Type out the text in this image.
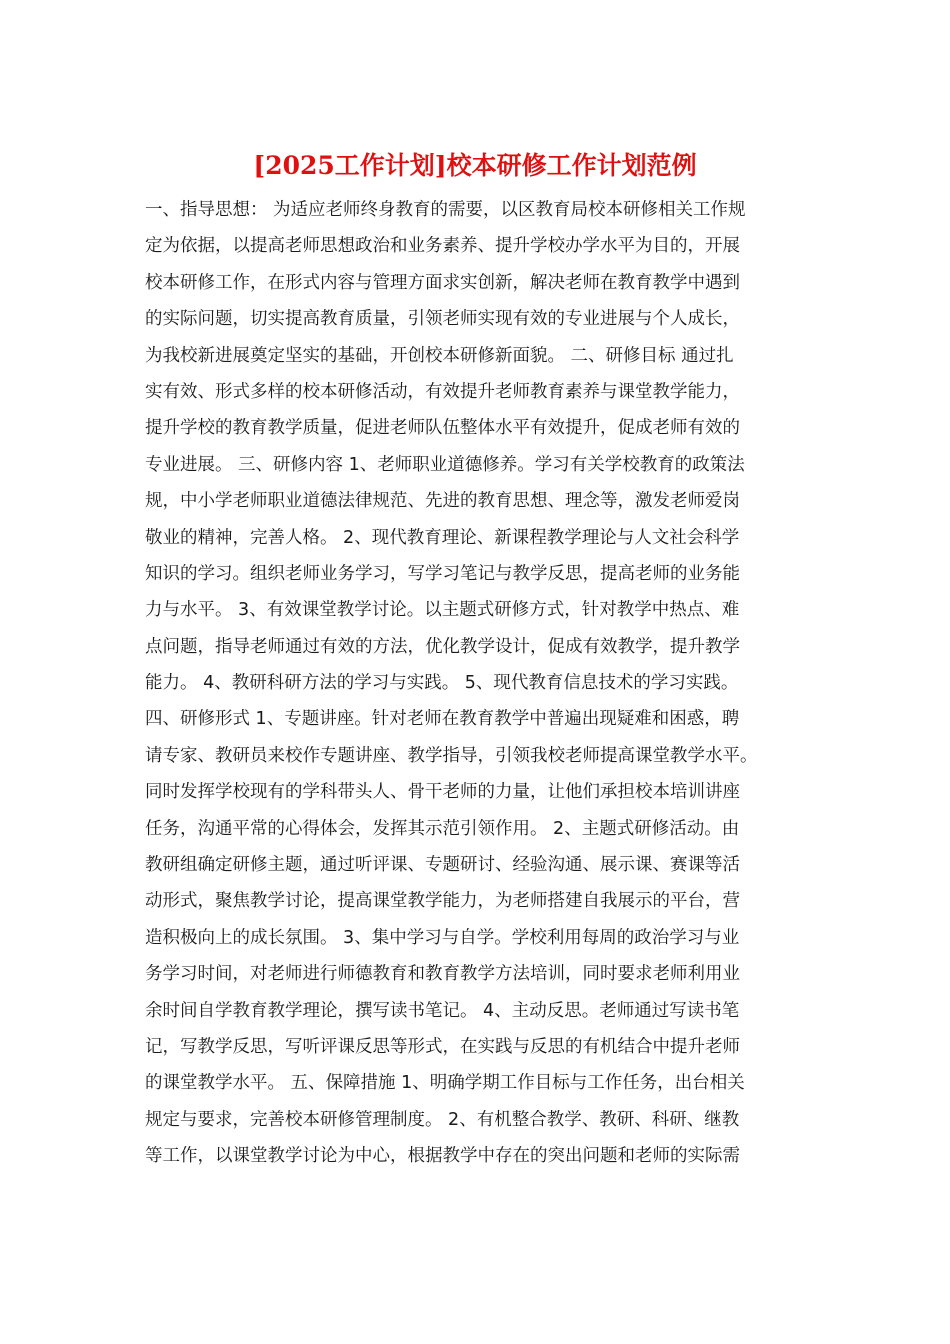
[2025工作计划]校本研修工作计划范例
一、指导思想： 为适应老师终身教育的需要，以区教育局校本研修相关工作规
定为依据，以提高老师思想政治和业务素养、提升学校办学水平为目的，开展
校本研修工作，在形式内容与管理方面求实创新，解决老师在教育教学中遇到
的实际问题，切实提高教育质量，引领老师实现有效的专业进展与个人成长，
为我校新进展奠定坚实的基础，开创校本研修新面貌。 二、研修目标 通过扎
实有效、形式多样的校本研修活动，有效提升老师教育素养与课堂教学能力，
提升学校的教育教学质量，促进老师队伍整体水平有效提升，促成老师有效的
专业进展。 三、研修内容 1、老师职业道德修养。学习有关学校教育的政策法
规，中小学老师职业道德法律规范、先进的教育思想、理念等，激发老师爱岗
敬业的精神，完善人格。 2、现代教育理论、新课程教学理论与人文社会科学
知识的学习。组织老师业务学习，写学习笔记与教学反思，提高老师的业务能
力与水平。 3、有效课堂教学讨论。以主题式研修方式，针对教学中热点、难
点问题，指导老师通过有效的方法，优化教学设计，促成有效教学，提升教学
能力。 4、教研科研方法的学习与实践。 5、现代教育信息技术的学习实践。
四、研修形式 1、专题讲座。针对老师在教育教学中普遍出现疑难和困惑，聘
请专家、教研员来校作专题讲座、教学指导，引领我校老师提高课堂教学水平。
同时发挥学校现有的学科带头人、骨干老师的力量，让他们承担校本培训讲座
任务，沟通平常的心得体会，发挥其示范引领作用。 2、主题式研修活动。由
教研组确定研修主题，通过听评课、专题研讨、经验沟通、展示课、赛课等活
动形式，聚焦教学讨论，提高课堂教学能力，为老师搭建自我展示的平台，营
造积极向上的成长氛围。 3、集中学习与自学。学校利用每周的政治学习与业
务学习时间，对老师进行师德教育和教育教学方法培训，同时要求老师利用业
余时间自学教育教学理论，撰写读书笔记。 4、主动反思。老师通过写读书笔
记，写教学反思，写听评课反思等形式，在实践与反思的有机结合中提升老师
的课堂教学水平。 五、保障措施 1、明确学期工作目标与工作任务，出台相关
规定与要求，完善校本研修管理制度。 2、有机整合教学、教研、科研、继教
等工作，以课堂教学讨论为中心，根据教学中存在的突出问题和老师的实际需
